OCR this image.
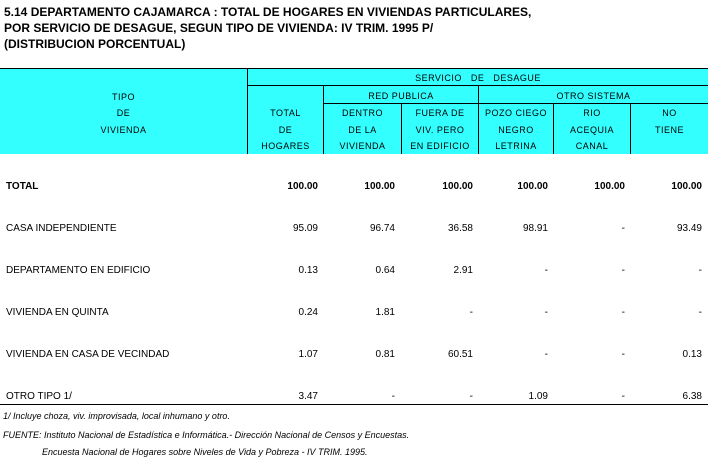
5.14 DEPARTAMENTO CAJAMARCA : TOTAL DE HOGARES EN VIVIENDAS PARTICULARES,
POR SERVICIO DE DESAGUE, SEGUN TIPO DE VIVIENDA: IV TRIM. 1995 P/
(DISTRIBUCION PORCENTUAL)
TIPO
DE
VIVIENDA
SERVICIO   DE   DESAGUE
TOTAL
DE
HOGARES
RED PUBLICA	OTRO SISTEMA
DENTRO
DE LA
VIVIENDA
FUERA DE
VIV. PERO
EN EDIFICIO
POZO CIEGO
NEGRO
LETRINA
RIO
ACEQUIA
CANAL
NO
TIENE
TOTAL	100.00	100.00	100.00	100.00	100.00	100.00
CASA INDEPENDIENTE	95.09	96.74	36.58	98.91	-	93.49
DEPARTAMENTO EN EDIFICIO	0.13	0.64	2.91	-	-	-
VIVIENDA EN QUINTA	0.24	1.81	-	-	-	-
VIVIENDA EN CASA DE VECINDAD	1.07	0.81	60.51	-	-	0.13
OTRO TIPO 1/	3.47	-	-	1.09	-	6.38
1/ Incluye choza, viv. improvisada, local inhumano y otro.
FUENTE: Instituto Nacional de Estadística e Informática.- Dirección Nacional de Censos y Encuestas.
Encuesta Nacional de Hogares sobre Niveles de Vida y Pobreza - IV TRIM. 1995.
